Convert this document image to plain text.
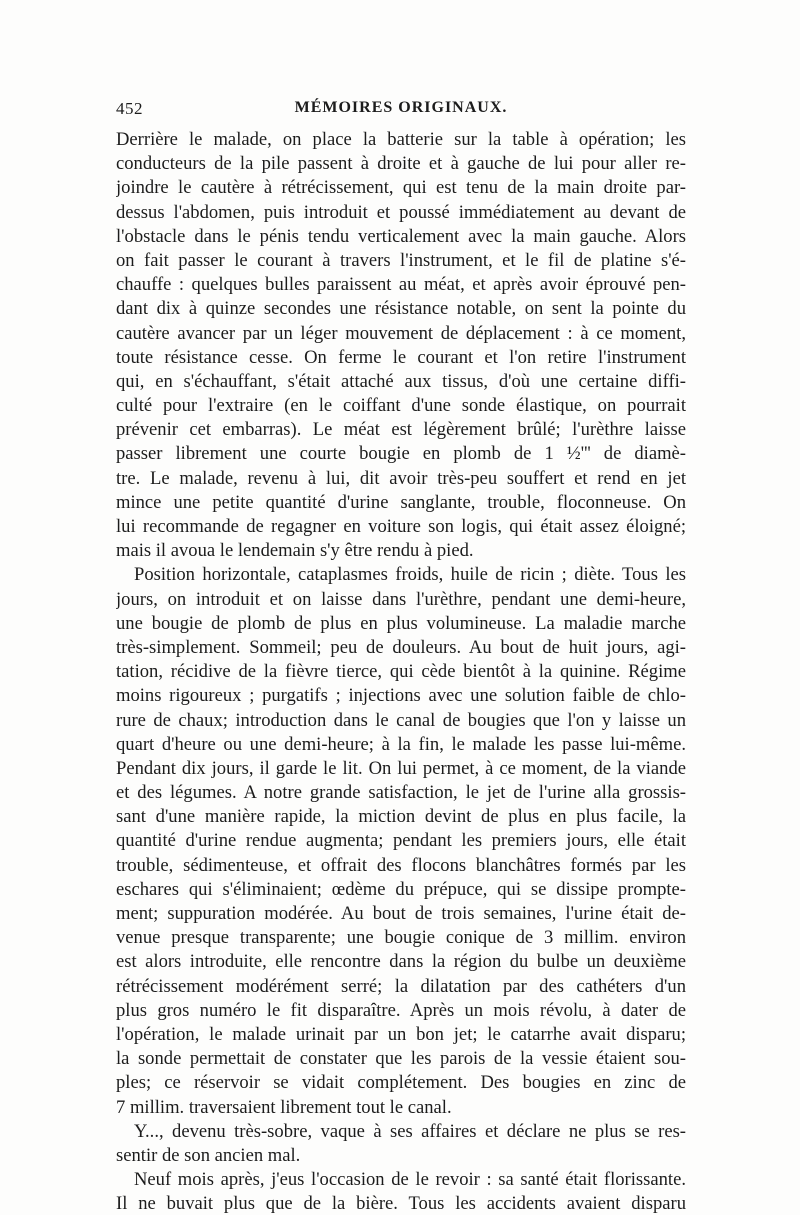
452	MÉMOIRES ORIGINAUX.
Derrière le malade, on place la batterie sur la table à opération; les
conducteurs de la pile passent à droite et à gauche de lui pour aller re-
joindre le cautère à rétrécissement, qui est tenu de la main droite par-
dessus l'abdomen, puis introduit et poussé immédiatement au devant de
l'obstacle dans le pénis tendu verticalement avec la main gauche. Alors
on fait passer le courant à travers l'instrument, et le fil de platine s'é-
chauffe : quelques bulles paraissent au méat, et après avoir éprouvé pen-
dant dix à quinze secondes une résistance notable, on sent la pointe du
cautère avancer par un léger mouvement de déplacement : à ce moment,
toute résistance cesse. On ferme le courant et l'on retire l'instrument
qui, en s'échauffant, s'était attaché aux tissus, d'où une certaine diffi-
culté pour l'extraire (en le coiffant d'une sonde élastique, on pourrait
prévenir cet embarras). Le méat est légèrement brûlé; l'urèthre laisse
passer librement une courte bougie en plomb de 1 ½''' de diamè-
tre. Le malade, revenu à lui, dit avoir très-peu souffert et rend en jet
mince une petite quantité d'urine sanglante, trouble, floconneuse. On
lui recommande de regagner en voiture son logis, qui était assez éloigné;
mais il avoua le lendemain s'y être rendu à pied.
Position horizontale, cataplasmes froids, huile de ricin ; diète. Tous les
jours, on introduit et on laisse dans l'urèthre, pendant une demi-heure,
une bougie de plomb de plus en plus volumineuse. La maladie marche
très-simplement. Sommeil; peu de douleurs. Au bout de huit jours, agi-
tation, récidive de la fièvre tierce, qui cède bientôt à la quinine. Régime
moins rigoureux ; purgatifs ; injections avec une solution faible de chlo-
rure de chaux; introduction dans le canal de bougies que l'on y laisse un
quart d'heure ou une demi-heure; à la fin, le malade les passe lui-même.
Pendant dix jours, il garde le lit. On lui permet, à ce moment, de la viande
et des légumes. A notre grande satisfaction, le jet de l'urine alla grossis-
sant d'une manière rapide, la miction devint de plus en plus facile, la
quantité d'urine rendue augmenta; pendant les premiers jours, elle était
trouble, sédimenteuse, et offrait des flocons blanchâtres formés par les
eschares qui s'éliminaient; œdème du prépuce, qui se dissipe prompte-
ment; suppuration modérée. Au bout de trois semaines, l'urine était de-
venue presque transparente; une bougie conique de 3 millim. environ
est alors introduite, elle rencontre dans la région du bulbe un deuxième
rétrécissement modérément serré; la dilatation par des cathéters d'un
plus gros numéro le fit disparaître. Après un mois révolu, à dater de
l'opération, le malade urinait par un bon jet; le catarrhe avait disparu;
la sonde permettait de constater que les parois de la vessie étaient sou-
ples; ce réservoir se vidait complétement. Des bougies en zinc de
7 millim. traversaient librement tout le canal.
Y..., devenu très-sobre, vaque à ses affaires et déclare ne plus se res-
sentir de son ancien mal.
Neuf mois après, j'eus l'occasion de le revoir : sa santé était florissante.
Il ne buvait plus que de la bière. Tous les accidents avaient disparu
